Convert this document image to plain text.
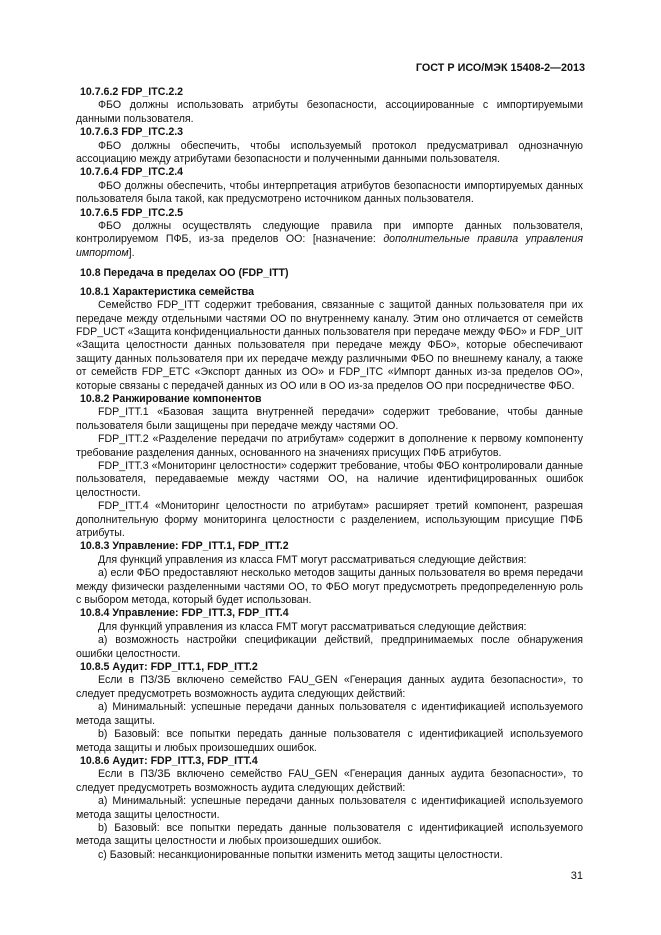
ГОСТ Р ИСО/МЭК 15408-2—2013

10.7.6.2 FDP_ITC.2.2

ФБО должны использовать атрибуты безопасности, ассоциированные с импортируемыми данными пользователя.

10.7.6.3 FDP_ITC.2.3

ФБО должны обеспечить, чтобы используемый протокол предусматривал однозначную ассоциацию между атрибутами безопасности и полученными данными пользователя.

10.7.6.4 FDP_ITC.2.4

ФБО должны обеспечить, чтобы интерпретация атрибутов безопасности импортируемых данных пользователя была такой, как предусмотрено источником данных пользователя.

10.7.6.5 FDP_ITC.2.5

ФБО должны осуществлять следующие правила при импорте данных пользователя, контролируемом ПФБ, из-за пределов ОО: [назначение: дополнительные правила управления импортом].

10.8 Передача в пределах ОО (FDP_ITT)

10.8.1 Характеристика семейства

Семейство FDP_ITT содержит требования, связанные с защитой данных пользователя при их передаче между отдельными частями ОО по внутреннему каналу. Этим оно отличается от семейств FDP_UCT «Защита конфиденциальности данных пользователя при передаче между ФБО» и FDP_UIT «Защита целостности данных пользователя при передаче между ФБО», которые обеспечивают защиту данных пользователя при их передаче между различными ФБО по внешнему каналу, а также от семейств FDP_ETC «Экспорт данных из ОО» и FDP_ITC «Импорт данных из-за пределов ОО», которые связаны с передачей данных из ОО или в ОО из-за пределов ОО при посредничестве ФБО.

10.8.2 Ранжирование компонентов

FDP_ITT.1 «Базовая защита внутренней передачи» содержит требование, чтобы данные пользователя были защищены при передаче между частями ОО.

FDP_ITT.2 «Разделение передачи по атрибутам» содержит в дополнение к первому компоненту требование разделения данных, основанного на значениях присущих ПФБ атрибутов.

FDP_ITT.3 «Мониторинг целостности» содержит требование, чтобы ФБО контролировали данные пользователя, передаваемые между частями ОО, на наличие идентифицированных ошибок целостности.

FDP_ITT.4 «Мониторинг целостности по атрибутам» расширяет третий компонент, разрешая дополнительную форму мониторинга целостности с разделением, использующим присущие ПФБ атрибуты.

10.8.3 Управление: FDP_ITT.1, FDP_ITT.2

Для функций управления из класса FMT могут рассматриваться следующие действия:

а) если ФБО предоставляют несколько методов защиты данных пользователя во время передачи между физически разделенными частями ОО, то ФБО могут предусмотреть предопределенную роль с выбором метода, который будет использован.

10.8.4 Управление: FDP_ITT.3, FDP_ITT.4

Для функций управления из класса FMT могут рассматриваться следующие действия:

а) возможность настройки спецификации действий, предпринимаемых после обнаружения ошибки целостности.

10.8.5 Аудит: FDP_ITT.1, FDP_ITT.2

Если в ПЗ/ЗБ включено семейство FAU_GEN «Генерация данных аудита безопасности», то следует предусмотреть возможность аудита следующих действий:

а) Минимальный: успешные передачи данных пользователя с идентификацией используемого метода защиты.

b) Базовый: все попытки передать данные пользователя с идентификацией используемого метода защиты и любых произошедших ошибок.

10.8.6 Аудит: FDP_ITT.3, FDP_ITT.4

Если в ПЗ/ЗБ включено семейство FAU_GEN «Генерация данных аудита безопасности», то следует предусмотреть возможность аудита следующих действий:

а) Минимальный: успешные передачи данных пользователя с идентификацией используемого метода защиты целостности.

b) Базовый: все попытки передать данные пользователя с идентификацией используемого метода защиты целостности и любых произошедших ошибок.

с) Базовый: несанкционированные попытки изменить метод защиты целостности.

31
